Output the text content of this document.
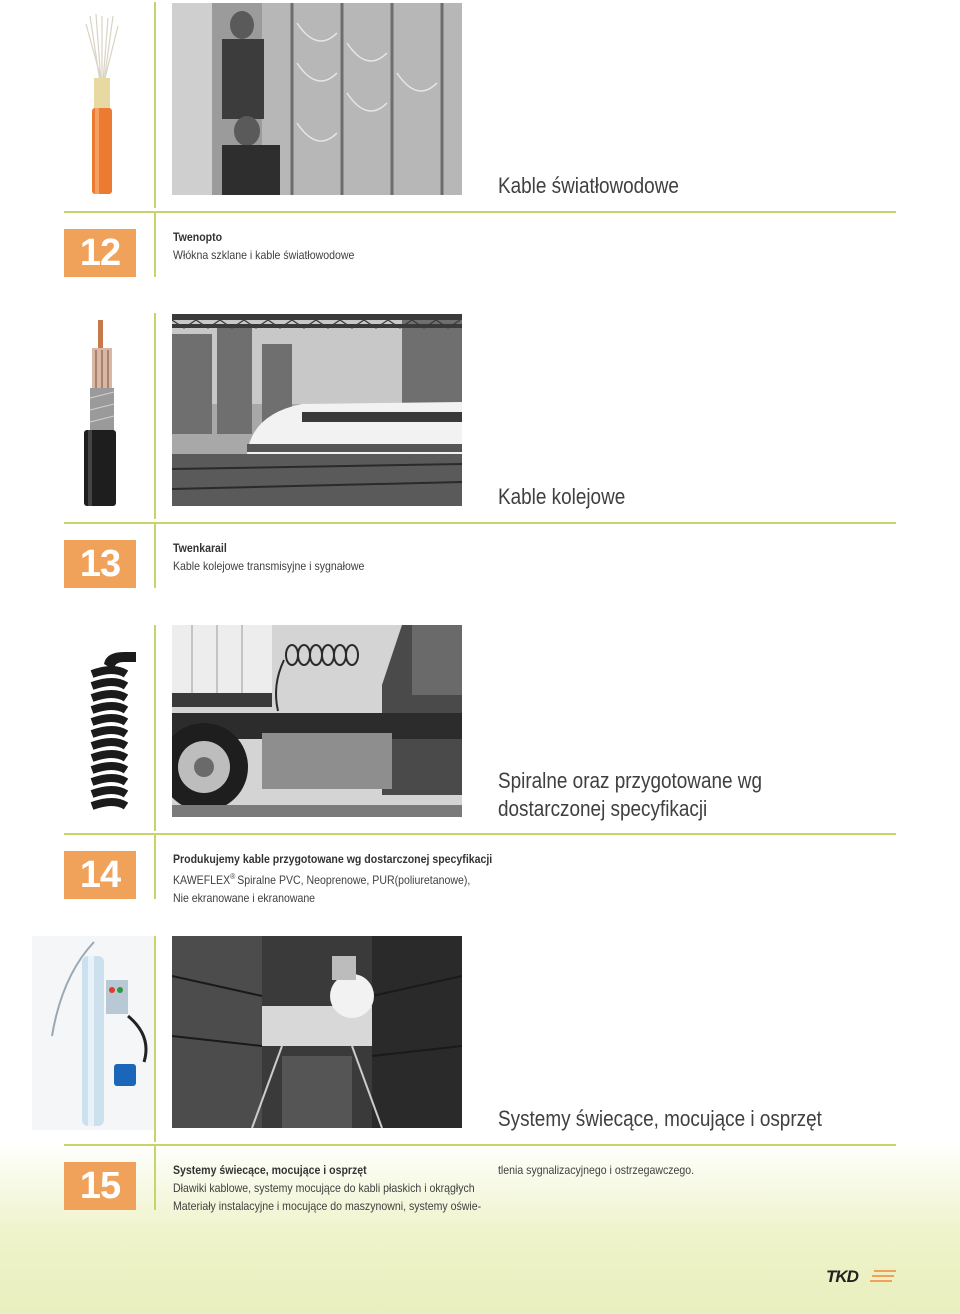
Kable światłowodowe
12	Twenopto
Włókna szklane i kable światłowodowe
Kable kolejowe
13	Twenkarail
Kable kolejowe transmisyjne i sygnałowe
Spiralne oraz przygotowane wg
dostarczonej specyfikacji
14	Produkujemy kable przygotowane wg dostarczonej specyfikacji
KAWEFLEX® Spiralne PVC, Neoprenowe, PUR(poliuretanowe),
Nie ekranowane i ekranowane
Systemy świecące, mocujące i osprzęt
15	Systemy świecące, mocujące i osprzęt
Dławiki kablowe, systemy mocujące do kabli płaskich i okrągłych
Materiały instalacyjne i mocujące do maszynowni, systemy oświe-
tlenia sygnalizacyjnego i ostrzegawczego.
TKD
